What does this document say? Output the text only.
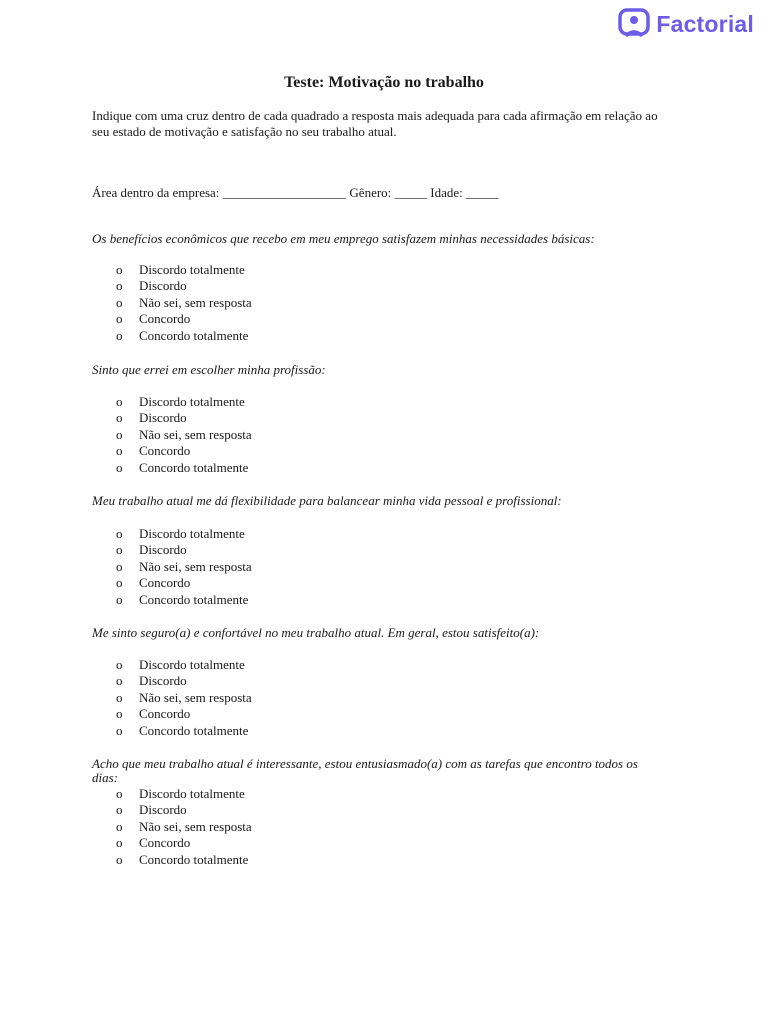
Factorial
Teste: Motivação no trabalho
Indique com uma cruz dentro de cada quadrado a resposta mais adequada para cada afirmação em relação ao seu estado de motivação e satisfação no seu trabalho atual.
Área dentro da empresa: ___________________ Gênero: _____ Idade: _____
Os benefícios econômicos que recebo em meu emprego satisfazem minhas necessidades básicas:
o	Discordo totalmente
o	Discordo
o	Não sei, sem resposta
o	Concordo
o	Concordo totalmente
Sinto que errei em escolher minha profissão:
o	Discordo totalmente
o	Discordo
o	Não sei, sem resposta
o	Concordo
o	Concordo totalmente
Meu trabalho atual me dá flexibilidade para balancear minha vida pessoal e profissional:
o	Discordo totalmente
o	Discordo
o	Não sei, sem resposta
o	Concordo
o	Concordo totalmente
Me sinto seguro(a) e confortável no meu trabalho atual. Em geral, estou satisfeito(a):
o	Discordo totalmente
o	Discordo
o	Não sei, sem resposta
o	Concordo
o	Concordo totalmente
Acho que meu trabalho atual é interessante, estou entusiasmado(a) com as tarefas que encontro todos os dias:
o	Discordo totalmente
o	Discordo
o	Não sei, sem resposta
o	Concordo
o	Concordo totalmente
